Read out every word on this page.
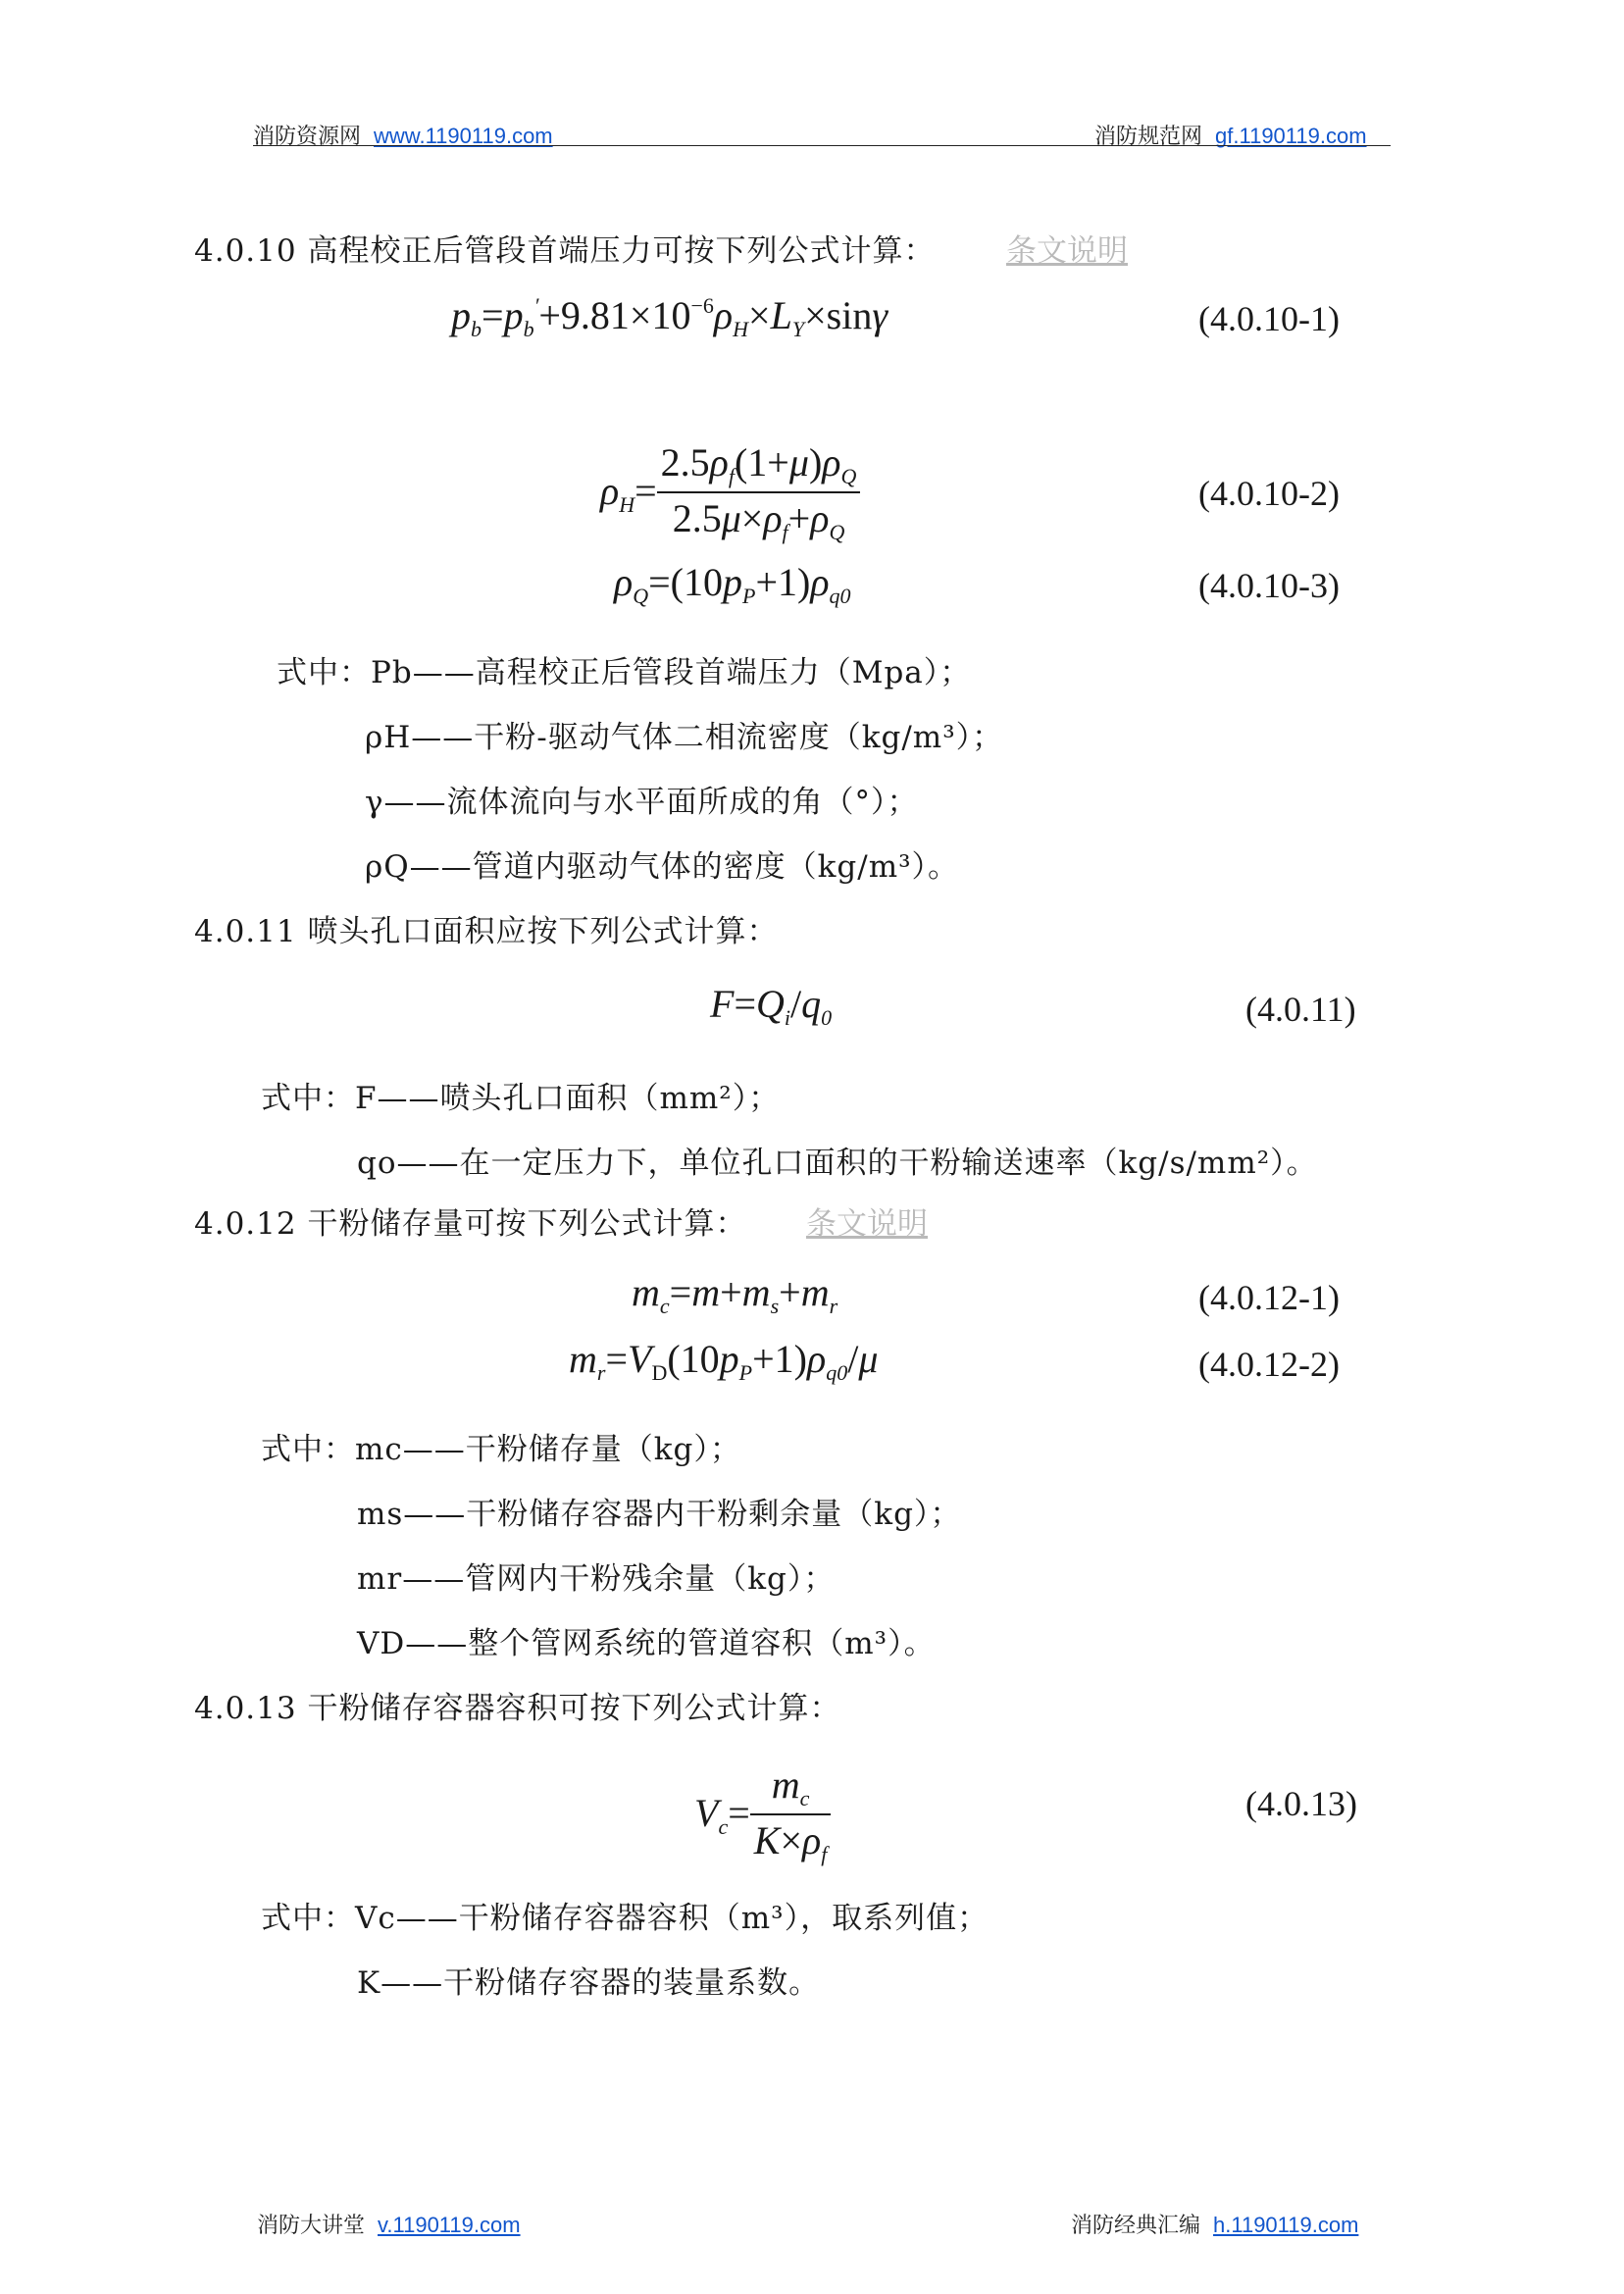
消防资源网 www.1190119.com	消防规范网 gf.1190119.com
4.0.10 高程校正后管段首端压力可按下列公式计算： 条文说明
$p_b=p_b'+9.81\times 10^{-6}\rho_H\times L_Y\times\sin\gamma$	(4.0.10-1)
$\rho_H= \frac{2.5\rho_f(1+\mu)\rho_Q}{2.5\mu\times\rho_f+\rho_Q}$	(4.0.10-2)
$\rho_Q=(10p_P+1)\rho_{q0}$	(4.0.10-3)
式中：Pb——高程校正后管段首端压力（Mpa）；
ρH——干粉-驱动气体二相流密度（kg/m³）；
γ——流体流向与水平面所成的角（°）；
ρQ——管道内驱动气体的密度（kg/m³）。
4.0.11 喷头孔口面积应按下列公式计算：
$F=Q_i/q_0$	(4.0.11)
式中：F——喷头孔口面积（mm²）；
qo——在一定压力下，单位孔口面积的干粉输送速率（kg/s/mm²）。
4.0.12 干粉储存量可按下列公式计算： 条文说明
$m_c=m+m_s+m_r$	(4.0.12-1)
$m_r=V_D(10p_P+1)\rho_{q0}/\mu$	(4.0.12-2)
式中：mc——干粉储存量（kg）；
ms——干粉储存容器内干粉剩余量（kg）；
mr——管网内干粉残余量（kg）；
VD——整个管网系统的管道容积（m³）。
4.0.13 干粉储存容器容积可按下列公式计算：
$V_c= \frac{m_c}{K\times\rho_f}$	(4.0.13)
式中：Vc——干粉储存容器容积（m³），取系列值；
K——干粉储存容器的装量系数。
消防大讲堂 v.1190119.com	消防经典汇编 h.1190119.com
